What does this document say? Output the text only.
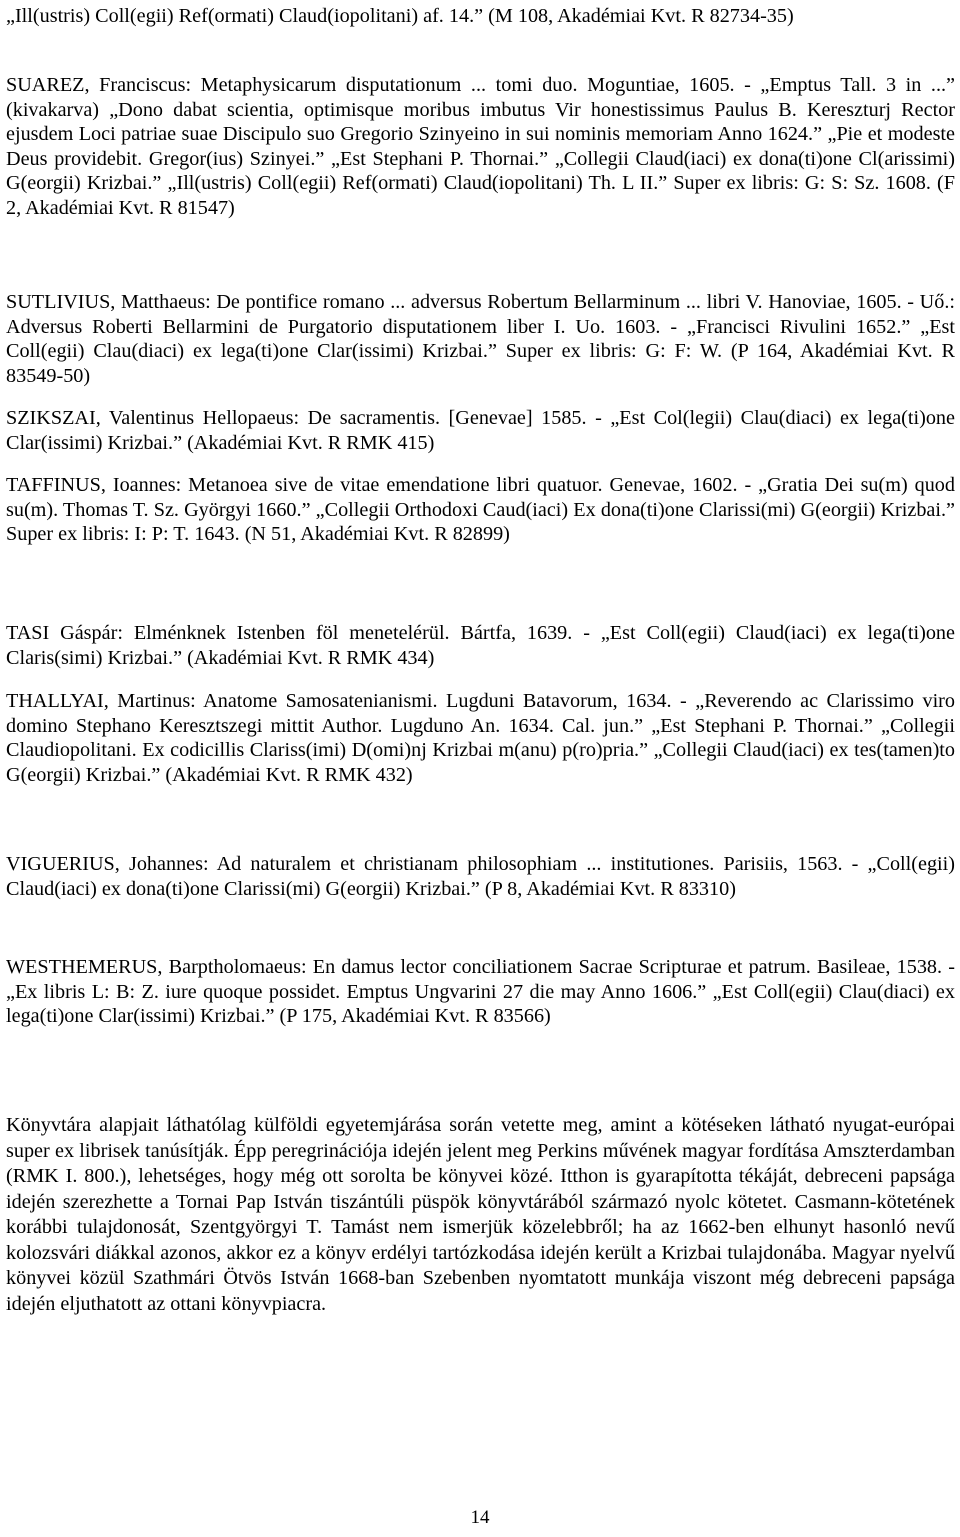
„Ill(ustris) Coll(egii) Ref(ormati) Claud(iopolitani) af. 14.” (M 108, Akadémiai Kvt. R 82734-35)

SUAREZ, Franciscus: Metaphysicarum disputationum ... tomi duo. Moguntiae, 1605. - „Emptus Tall. 3 in ...” (kivakarva) „Dono dabat scientia, optimisque moribus imbutus Vir honestissimus Paulus B. Kereszturj Rector ejusdem Loci patriae suae Discipulo suo Gregorio Szinyeino in sui nominis memoriam Anno 1624.” „Pie et modeste Deus providebit. Gregor(ius) Szinyei.” „Est Stephani P. Thornai.” „Collegii Claud(iaci) ex dona(ti)one Cl(arissimi) G(eorgii) Krizbai.” „Ill(ustris) Coll(egii) Ref(ormati) Claud(iopolitani) Th. L II.” Super ex libris: G: S: Sz. 1608. (F 2, Akadémiai Kvt. R 81547)

SUTLIVIUS, Matthaeus: De pontifice romano ... adversus Robertum Bellarminum ... libri V. Hanoviae, 1605. - Uő.: Adversus Roberti Bellarmini de Purgatorio disputationem liber I. Uo. 1603. - „Francisci Rivulini 1652.” „Est Coll(egii) Clau(diaci) ex lega(ti)one Clar(issimi) Krizbai.” Super ex libris: G: F: W. (P 164, Akadémiai Kvt. R 83549-50)

SZIKSZAI, Valentinus Hellopaeus: De sacramentis. [Genevae] 1585. - „Est Col(legii) Clau(diaci) ex lega(ti)one Clar(issimi) Krizbai.” (Akadémiai Kvt. R RMK 415)

TAFFINUS, Ioannes: Metanoea sive de vitae emendatione libri quatuor. Genevae, 1602. - „Gratia Dei su(m) quod su(m). Thomas T. Sz. Györgyi 1660.” „Collegii Orthodoxi Caud(iaci) Ex dona(ti)one Clarissi(mi) G(eorgii) Krizbai.” Super ex libris: I: P: T. 1643. (N 51, Akadémiai Kvt. R 82899)

TASI Gáspár: Elménknek Istenben föl menetelérül. Bártfa, 1639. - „Est Coll(egii) Claud(iaci) ex lega(ti)one Claris(simi) Krizbai.” (Akadémiai Kvt. R RMK 434)

THALLYAI, Martinus: Anatome Samosatenianismi. Lugduni Batavorum, 1634. - „Reverendo ac Clarissimo viro domino Stephano Keresztszegi mittit Author. Lugduno An. 1634. Cal. jun.” „Est Stephani P. Thornai.” „Collegii Claudiopolitani. Ex codicillis Clariss(imi) D(omi)nj Krizbai m(anu) p(ro)pria.” „Collegii Claud(iaci) ex tes(tamen)to G(eorgii) Krizbai.” (Akadémiai Kvt. R RMK 432)

VIGUERIUS, Johannes: Ad naturalem et christianam philosophiam ... institutiones. Parisiis, 1563. - „Coll(egii) Claud(iaci) ex dona(ti)one Clarissi(mi) G(eorgii) Krizbai.” (P 8, Akadémiai Kvt. R 83310)

WESTHEMERUS, Barptholomaeus: En damus lector conciliationem Sacrae Scripturae et patrum. Basileae, 1538. - „Ex libris L: B: Z. iure quoque possidet. Emptus Ungvarini 27 die may Anno 1606.” „Est Coll(egii) Clau(diaci) ex lega(ti)one Clar(issimi) Krizbai.” (P 175, Akadémiai Kvt. R 83566)

Könyvtára alapjait láthatólag külföldi egyetemjárása során vetette meg, amint a kötéseken látható nyugat-európai super ex librisek tanúsítják. Épp peregrinációja idején jelent meg Perkins művének magyar fordítása Amszterdamban (RMK I. 800.), lehetséges, hogy még ott sorolta be könyvei közé. Itthon is gyarapította tékáját, debreceni papsága idején szerezhette a Tornai Pap István tiszántúli püspök könyvtárából származó nyolc kötetet. Casmann-kötetének korábbi tulajdonosát, Szentgyörgyi T. Tamást nem ismerjük közelebbről; ha az 1662-ben elhunyt hasonló nevű kolozsvári diákkal azonos, akkor ez a könyv erdélyi tartózkodása idején került a Krizbai tulajdonába. Magyar nyelvű könyvei közül Szathmári Ötvös István 1668-ban Szebenben nyomtatott munkája viszont még debreceni papsága idején eljuthatott az ottani könyvpiacra.

14
